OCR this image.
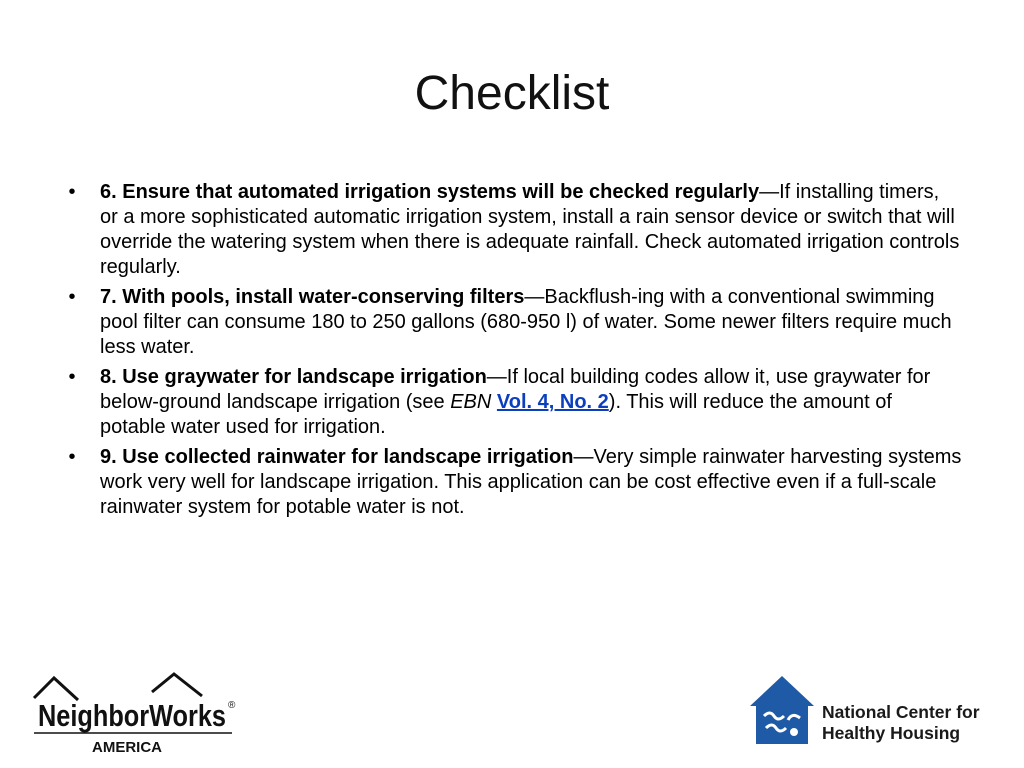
Checklist
•	6. Ensure that automated irrigation systems will be checked regularly—If installing timers, or a more sophisticated automatic irrigation system, install a rain sensor device or switch that will override the watering system when there is adequate rainfall. Check automated irrigation controls regularly.
•	7. With pools, install water-conserving filters—Backflush-ing with a conventional swimming pool filter can consume 180 to 250 gallons (680-950 l) of water. Some newer filters require much less water.
•	8. Use graywater for landscape irrigation—If local building codes allow it, use graywater for below-ground landscape irrigation (see EBN Vol. 4, No. 2). This will reduce the amount of potable water used for irrigation.
•	9. Use collected rainwater for landscape irrigation—Very simple rainwater harvesting systems work very well for landscape irrigation. This application can be cost effective even if a full-scale rainwater system for potable water is not.
NeighborWorks ®
AMERICA
National Center for
Healthy Housing
